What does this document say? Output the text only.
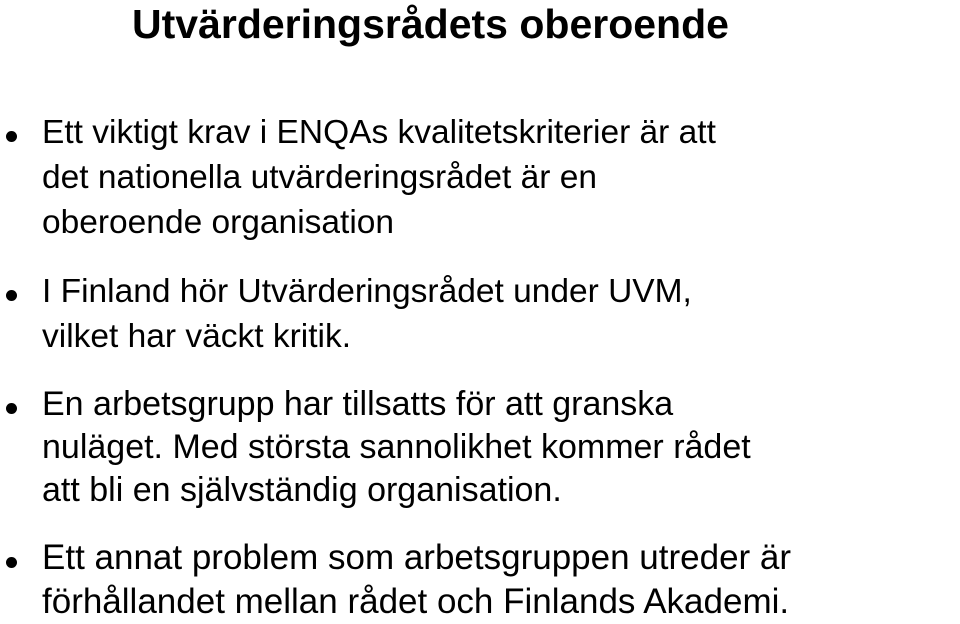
Utvärderingsrådets oberoende

Ett viktigt krav i ENQAs kvalitetskriterier är att
det nationella utvärderingsrådet är en
oberoende organisation

I Finland hör Utvärderingsrådet under UVM,
vilket har väckt kritik.

En arbetsgrupp har tillsatts för att granska
nuläget. Med största sannolikhet kommer rådet
att bli en självständig organisation.

Ett annat problem som arbetsgruppen utreder är
förhållandet mellan rådet och Finlands Akademi.
